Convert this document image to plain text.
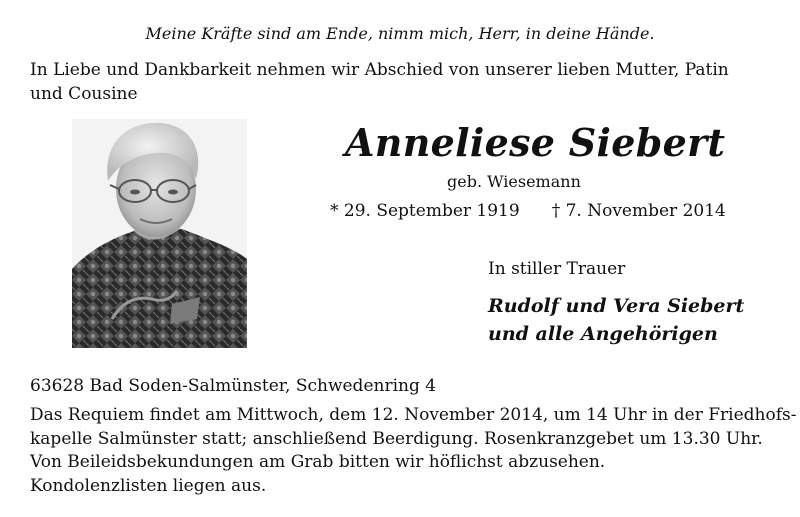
Meine Kräfte sind am Ende, nimm mich, Herr, in deine Hände.
In Liebe und Dankbarkeit nehmen wir Abschied von unserer lieben Mutter, Patin
und Cousine
Anneliese Siebert
geb. Wiesemann
* 29. September 1919 † 7. November 2014
In stiller Trauer
Rudolf und Vera Siebert
und alle Angehörigen
63628 Bad Soden-Salmünster, Schwedenring 4
Das Requiem findet am Mittwoch, dem 12. November 2014, um 14 Uhr in der Friedhofs-
kapelle Salmünster statt; anschließend Beerdigung. Rosenkranzgebet um 13.30 Uhr.
Von Beileidsbekundungen am Grab bitten wir höflichst abzusehen.
Kondolenzlisten liegen aus.
